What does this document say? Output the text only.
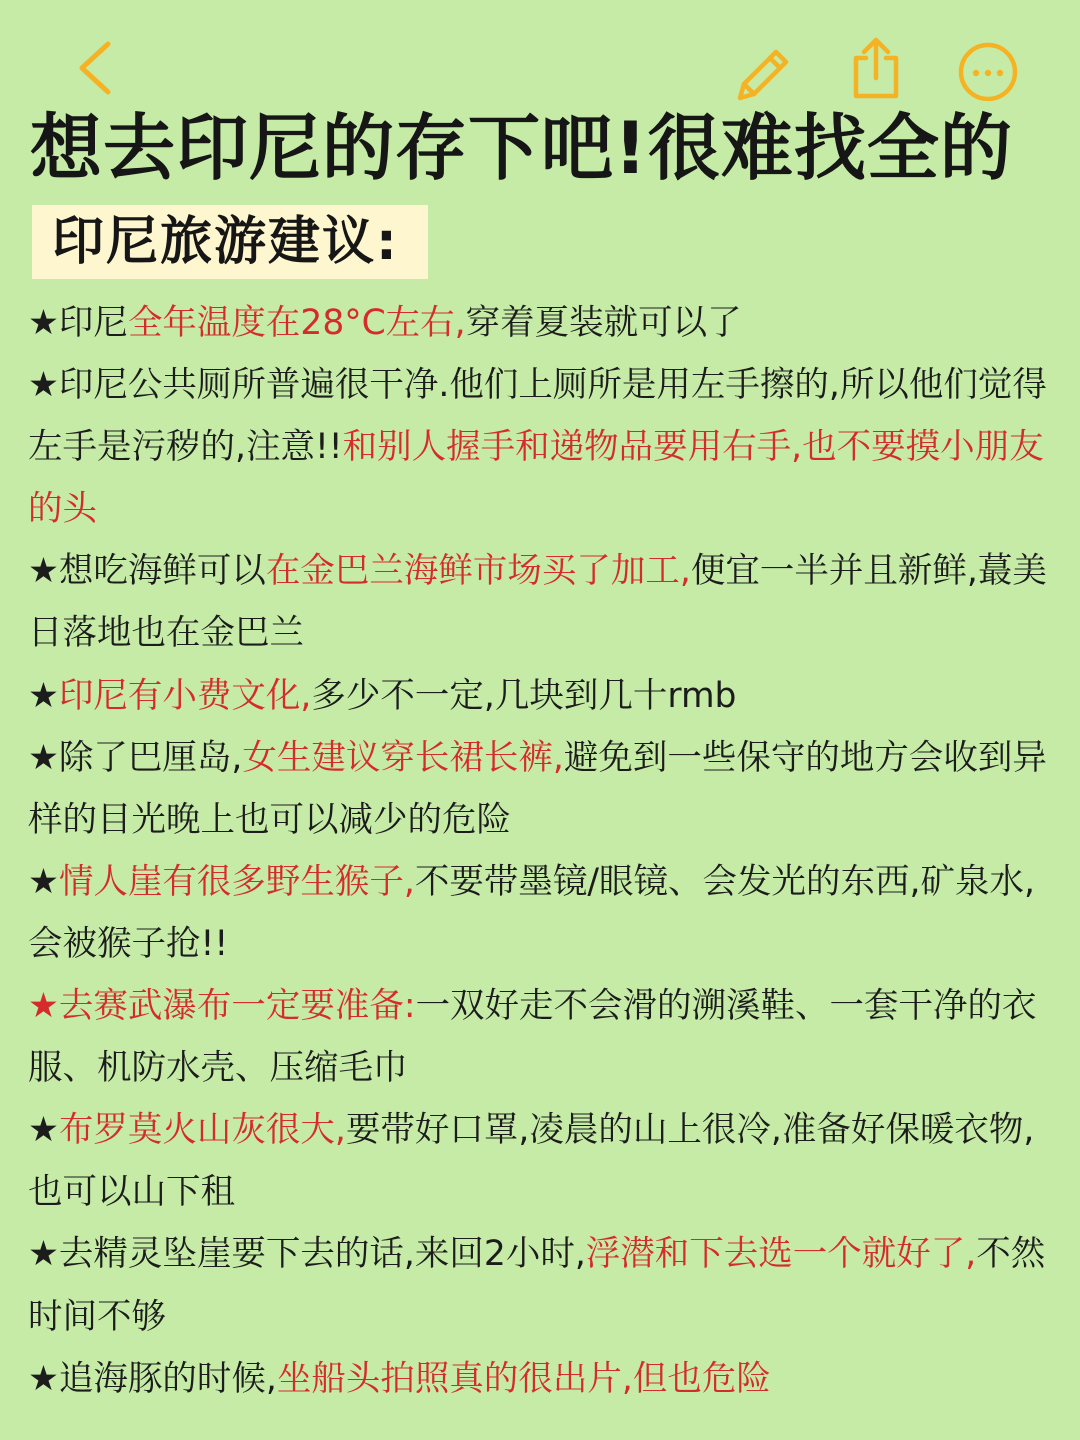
想去印尼的存下吧!很难找全的
印尼旅游建议:

★印尼全年温度在28°C左右,穿着夏装就可以了

★印尼公共厕所普遍很干净.他们上厕所是用左手擦的,所以他们觉得左手是污秽的,注意!!和别人握手和递物品要用右手,也不要摸小朋友的头

★想吃海鲜可以在金巴兰海鲜市场买了加工,便宜一半并且新鲜,蕞美日落地也在金巴兰

★印尼有小费文化,多少不一定,几块到几十rmb

★除了巴厘岛,女生建议穿长裙长裤,避免到一些保守的地方会收到异样的目光晚上也可以减少的危险

★情人崖有很多野生猴子,不要带墨镜/眼镜、会发光的东西,矿泉水,会被猴子抢!!

★去赛武瀑布一定要准备:一双好走不会滑的溯溪鞋、一套干净的衣服、机防水壳、压缩毛巾

★布罗莫火山灰很大,要带好口罩,凌晨的山上很冷,准备好保暖衣物,也可以山下租

★去精灵坠崖要下去的话,来回2小时,浮潜和下去选一个就好了,不然时间不够

★追海豚的时候,坐船头拍照真的很出片,但也危险
